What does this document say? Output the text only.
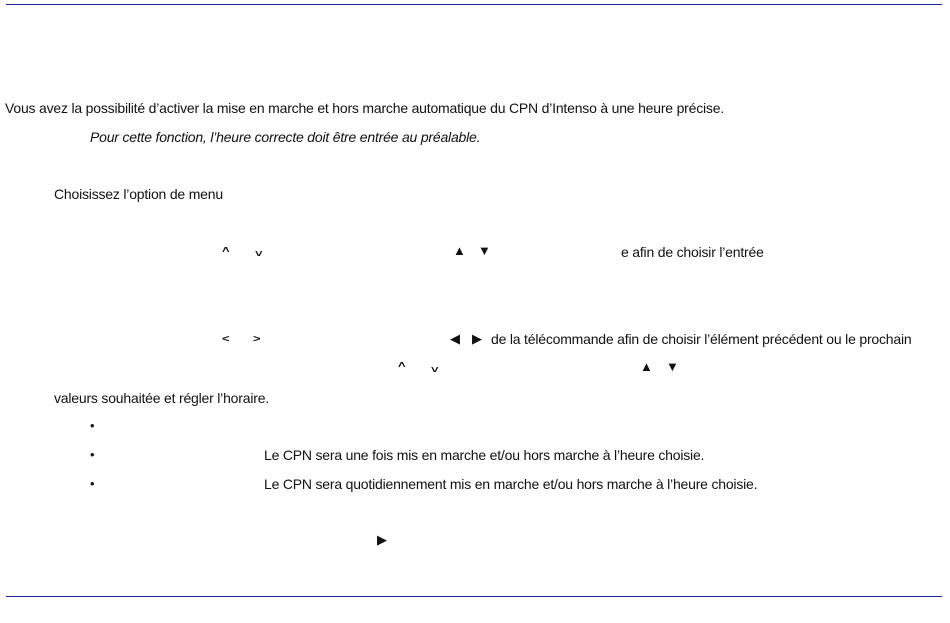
Vous avez la possibilité d’activer la mise en marche et hors marche automatique du CPN d’Intenso à une heure précise.
Pour cette fonction, l’heure correcte doit être entrée au préalable.
Choisissez l’option de menu
˄ ˅	▲ ▼	e afin de choisir l’entrée
˂ ˃	◀ ▶ de la télécommande afin de choisir l’élément précédent ou le prochain
˄ ˅	▲ ▼
valeurs souhaitée et régler l’horaire.
•
•	Le CPN sera une fois mis en marche et/ou hors marche à l’heure choisie.
•	Le CPN sera quotidiennement mis en marche et/ou hors marche à l’heure choisie.
▶
